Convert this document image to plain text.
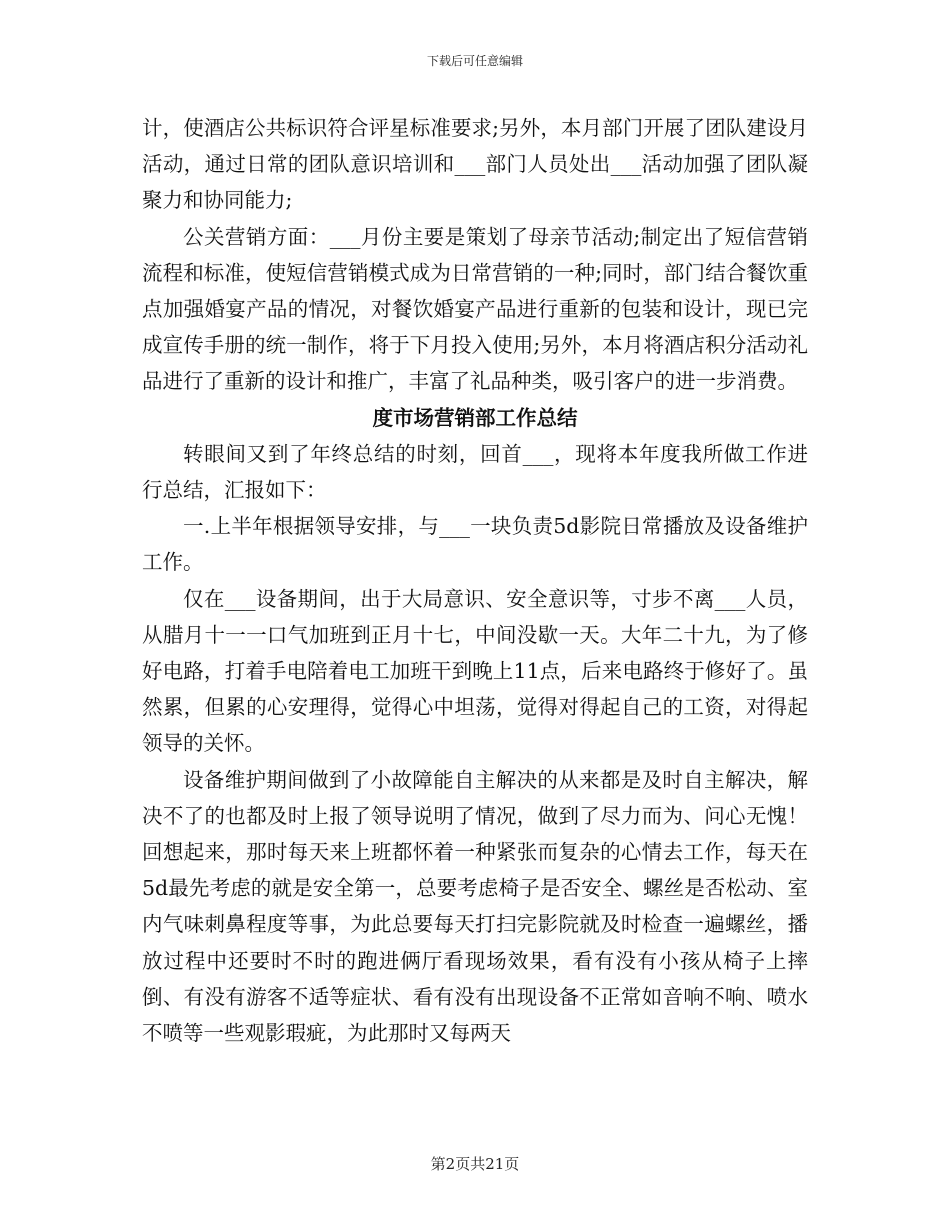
下载后可任意编辑

计，使酒店公共标识符合评星标准要求;另外，本月部门开展了团队建设月活动，通过日常的团队意识培训和___部门人员处出___活动加强了团队凝聚力和协同能力;

公关营销方面：___月份主要是策划了母亲节活动;制定出了短信营销流程和标准，使短信营销模式成为日常营销的一种;同时，部门结合餐饮重点加强婚宴产品的情况，对餐饮婚宴产品进行重新的包装和设计，现已完成宣传手册的统一制作，将于下月投入使用;另外，本月将酒店积分活动礼品进行了重新的设计和推广，丰富了礼品种类，吸引客户的进一步消费。

度市场营销部工作总结

转眼间又到了年终总结的时刻，回首___，现将本年度我所做工作进行总结，汇报如下：

一.上半年根据领导安排，与___一块负责5d影院日常播放及设备维护工作。

仅在___设备期间，出于大局意识、安全意识等，寸步不离___人员，从腊月十一一口气加班到正月十七，中间没歇一天。大年二十九，为了修好电路，打着手电陪着电工加班干到晚上11点，后来电路终于修好了。虽然累，但累的心安理得，觉得心中坦荡，觉得对得起自己的工资，对得起领导的关怀。

设备维护期间做到了小故障能自主解决的从来都是及时自主解决，解决不了的也都及时上报了领导说明了情况，做到了尽力而为、问心无愧！回想起来，那时每天来上班都怀着一种紧张而复杂的心情去工作，每天在5d最先考虑的就是安全第一，总要考虑椅子是否安全、螺丝是否松动、室内气味刺鼻程度等事，为此总要每天打扫完影院就及时检查一遍螺丝，播放过程中还要时不时的跑进俩厅看现场效果，看有没有小孩从椅子上摔倒、有没有游客不适等症状、看有没有出现设备不正常如音响不响、喷水不喷等一些观影瑕疵，为此那时又每两天

第2页共21页
